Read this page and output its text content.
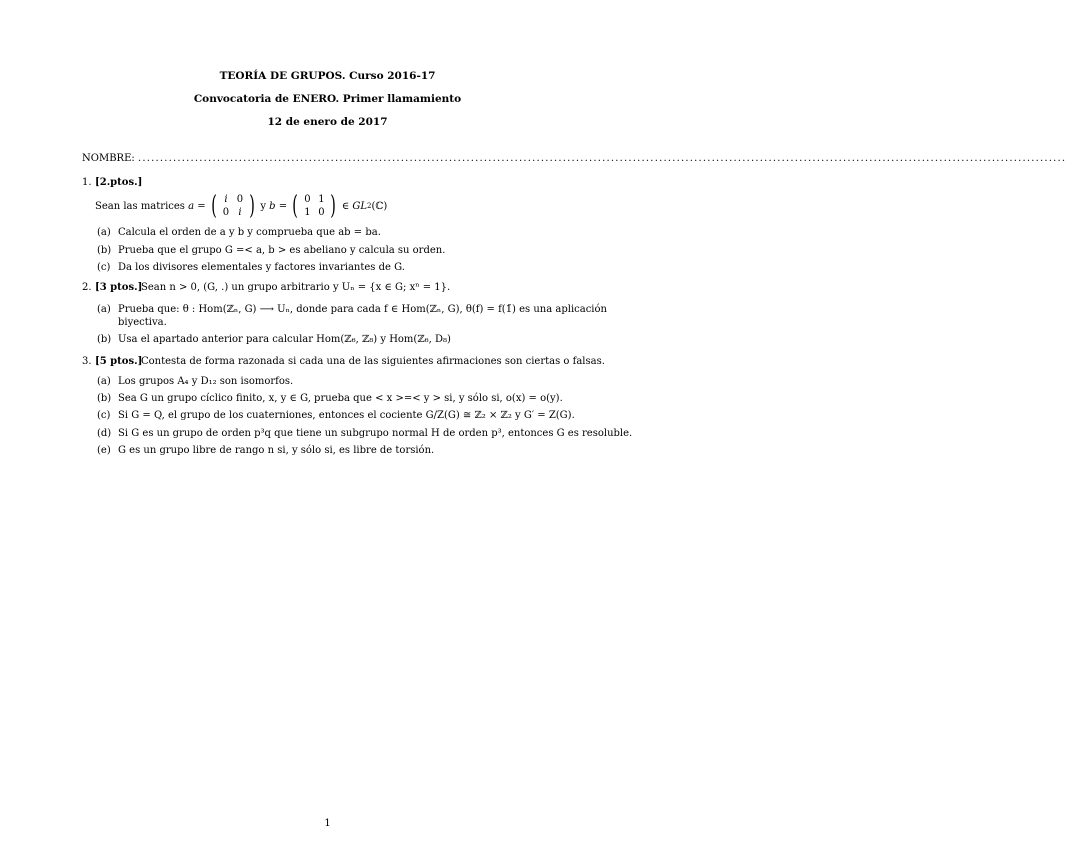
TEORÍA DE GRUPOS. Curso 2016-17
Convocatoria de ENERO. Primer llamamiento
12 de enero de 2017
NOMBRE: ....................................................................................................................................................................................................................
1. [2.ptos.]
Sean las matrices
a =
( i 0
0 i )
y
b =
( 0 1
1 0 )
∈ GL 2 (ℂ)
(a) Calcula el orden de a y b y comprueba que ab = ba.
(b) Prueba que el grupo G =< a, b > es abeliano y calcula su orden.
(c) Da los divisores elementales y factores invariantes de G.
2. [3 ptos.]
Sean n > 0, (G, .) un grupo arbitrario y Uₙ = {x ∈ G; xⁿ = 1}.
(a) Prueba que: θ : Hom(ℤₙ, G) ⟶ Uₙ, donde para cada f ∈ Hom(ℤₙ, G), θ(f) = f(1̄) es una aplicación
biyectiva.
(b) Usa el apartado anterior para calcular Hom(ℤ₆, ℤ₈) y Hom(ℤ₆, D₈)
3. [5 ptos.]
Contesta de forma razonada si cada una de las siguientes afirmaciones son ciertas o falsas.
(a) Los grupos A₄ y D₁₂ son isomorfos.
(b) Sea G un grupo cíclico finito, x, y ∈ G, prueba que < x >=< y > si, y sólo si, o(x) = o(y).
(c) Si G = Q, el grupo de los cuaterniones, entonces el cociente G/Z(G) ≅ ℤ₂ × ℤ₂ y G′ = Z(G).
(d) Si G es un grupo de orden p³q que tiene un subgrupo normal H de orden p³, entonces G es resoluble.
(e) G es un grupo libre de rango n si, y sólo si, es libre de torsión.
1
